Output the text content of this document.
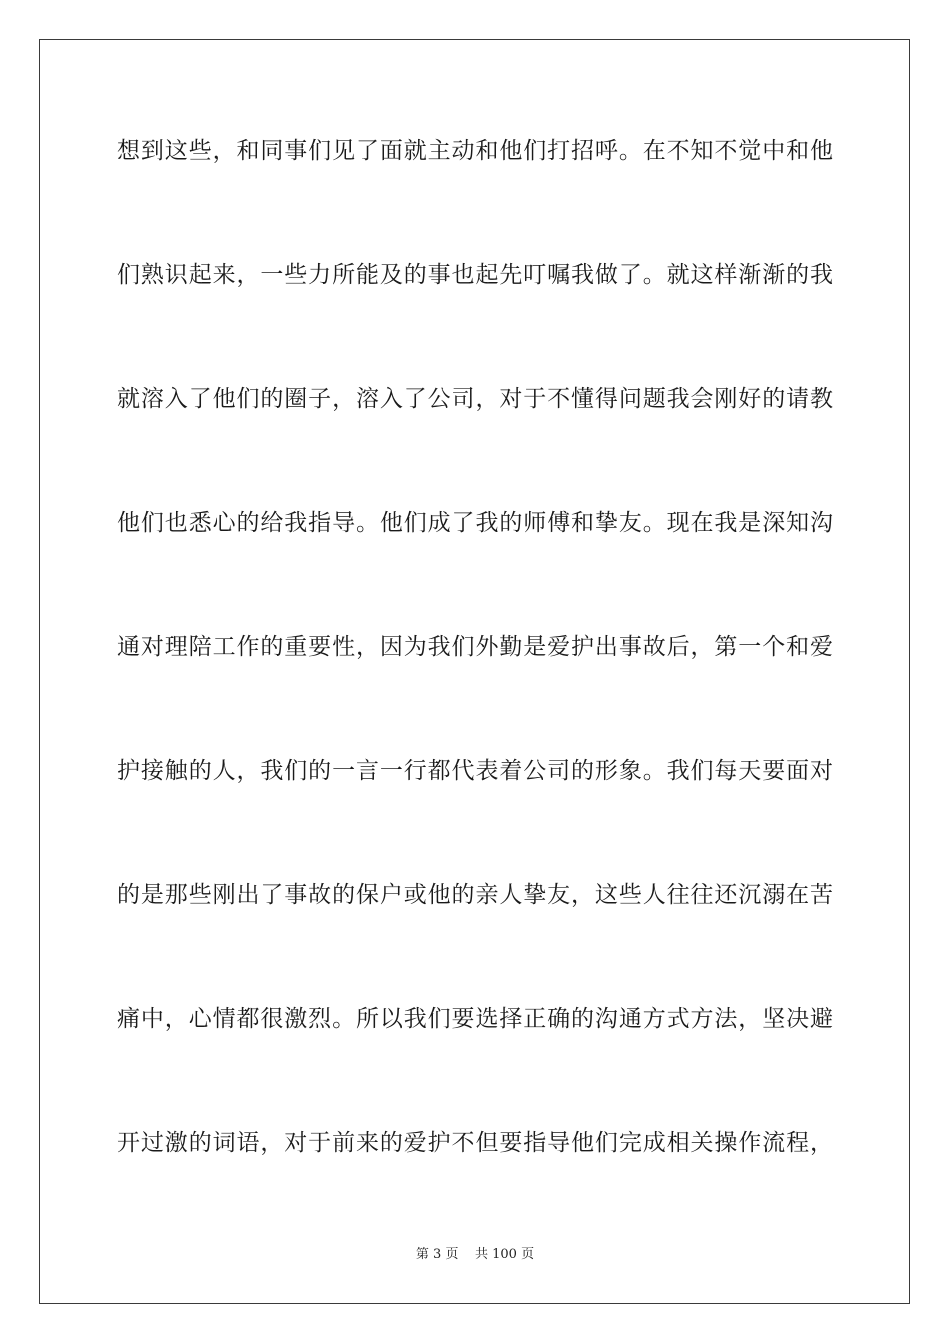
想到这些，和同事们见了面就主动和他们打招呼。在不知不觉中和他
们熟识起来，一些力所能及的事也起先叮嘱我做了。就这样渐渐的我
就溶入了他们的圈子，溶入了公司，对于不懂得问题我会刚好的请教
他们也悉心的给我指导。他们成了我的师傅和挚友。现在我是深知沟
通对理陪工作的重要性，因为我们外勤是爱护出事故后，第一个和爱
护接触的人，我们的一言一行都代表着公司的形象。我们每天要面对
的是那些刚出了事故的保户或他的亲人挚友，这些人往往还沉溺在苦
痛中，心情都很激烈。所以我们要选择正确的沟通方式方法，坚决避
开过激的词语，对于前来的爱护不但要指导他们完成相关操作流程，
第 3 页    共 100 页
